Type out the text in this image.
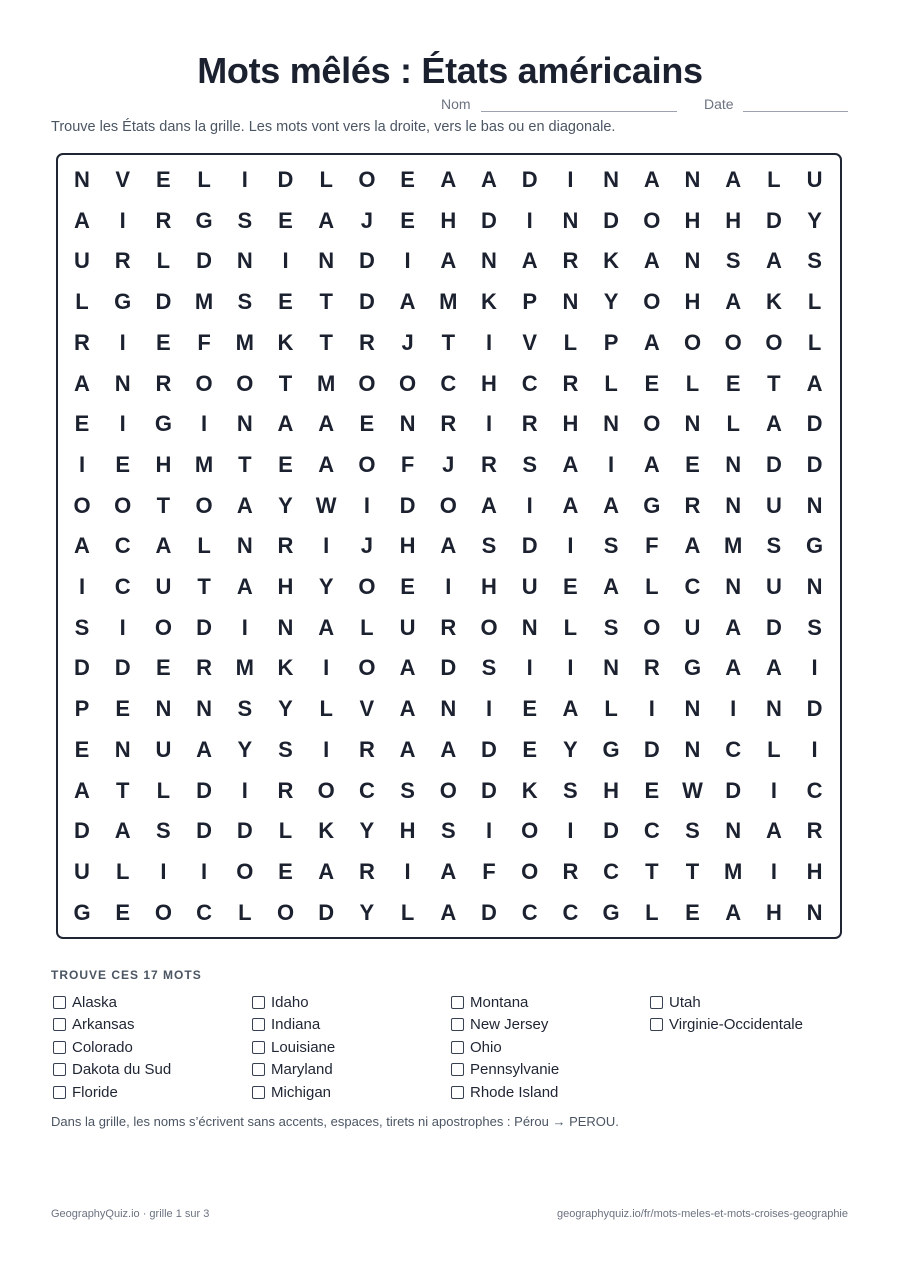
Mots mêlés : États américains
Nom	Date
Trouve les États dans la grille. Les mots vont vers la droite, vers le bas ou en diagonale.
N	V	E	L	I	D	L	O	E	A	A	D	I	N	A	N	A	L	U
A	I	R	G	S	E	A	J	E	H	D	I	N	D	O	H	H	D	Y
U	R	L	D	N	I	N	D	I	A	N	A	R	K	A	N	S	A	S
L	G	D	M	S	E	T	D	A	M	K	P	N	Y	O	H	A	K	L
R	I	E	F	M	K	T	R	J	T	I	V	L	P	A	O	O	O	L
A	N	R	O	O	T	M	O	O	C	H	C	R	L	E	L	E	T	A
E	I	G	I	N	A	A	E	N	R	I	R	H	N	O	N	L	A	D
I	E	H	M	T	E	A	O	F	J	R	S	A	I	A	E	N	D	D
O	O	T	O	A	Y	W	I	D	O	A	I	A	A	G	R	N	U	N
A	C	A	L	N	R	I	J	H	A	S	D	I	S	F	A	M	S	G
I	C	U	T	A	H	Y	O	E	I	H	U	E	A	L	C	N	U	N
S	I	O	D	I	N	A	L	U	R	O	N	L	S	O	U	A	D	S
D	D	E	R	M	K	I	O	A	D	S	I	I	N	R	G	A	A	I
P	E	N	N	S	Y	L	V	A	N	I	E	A	L	I	N	I	N	D
E	N	U	A	Y	S	I	R	A	A	D	E	Y	G	D	N	C	L	I
A	T	L	D	I	R	O	C	S	O	D	K	S	H	E	W	D	I	C
D	A	S	D	D	L	K	Y	H	S	I	O	I	D	C	S	N	A	R
U	L	I	I	O	E	A	R	I	A	F	O	R	C	T	T	M	I	H
G	E	O	C	L	O	D	Y	L	A	D	C	C	G	L	E	A	H	N
TROUVE CES 17 MOTS
Alaska
Arkansas
Colorado
Dakota du Sud
Floride
Idaho
Indiana
Louisiane
Maryland
Michigan
Montana
New Jersey
Ohio
Pennsylvanie
Rhode Island
Utah
Virginie-Occidentale
Dans la grille, les noms s’écrivent sans accents, espaces, tirets ni apostrophes : Pérou → PEROU.
GeographyQuiz.io · grille 1 sur 3	geographyquiz.io/fr/mots-meles-et-mots-croises-geographie
